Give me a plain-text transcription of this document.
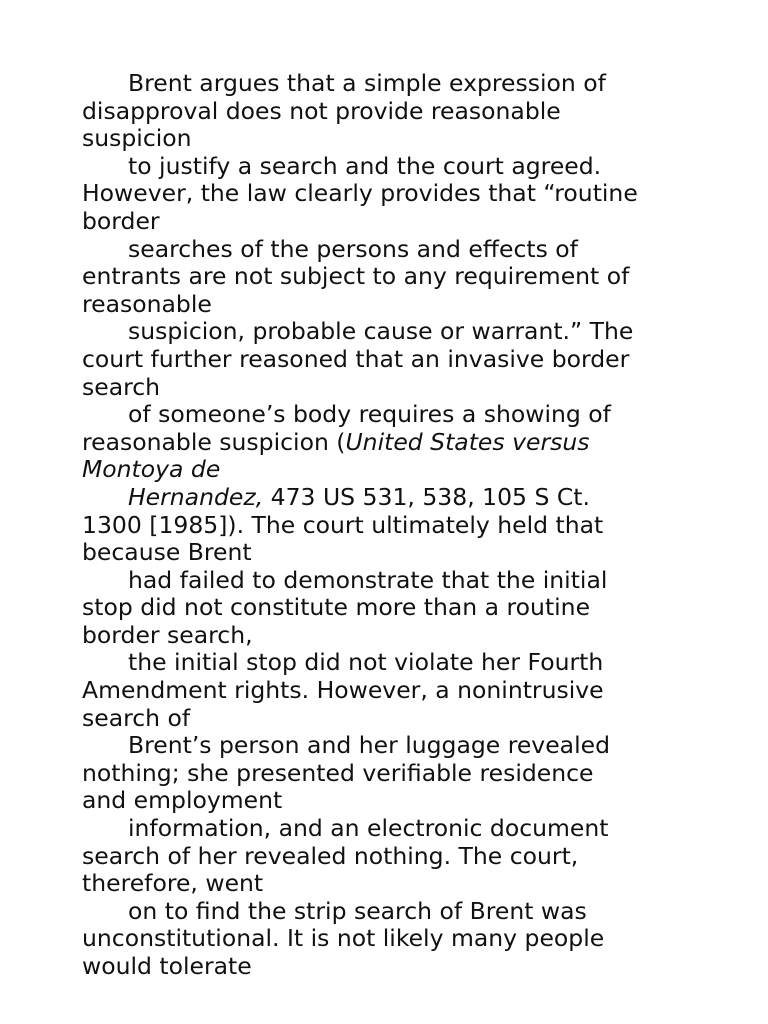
Brent argues that a simple expression of
disapproval does not provide reasonable
suspicion

to justify a search and the court agreed.
However, the law clearly provides that “routine
border

searches of the persons and effects of
entrants are not subject to any requirement of
reasonable

suspicion, probable cause or warrant.” The
court further reasoned that an invasive border
search

of someone’s body requires a showing of
reasonable suspicion (United States versus
Montoya de

Hernandez, 473 US 531, 538, 105 S Ct.
1300 [1985]). The court ultimately held that
because Brent

had failed to demonstrate that the initial
stop did not constitute more than a routine
border search,

the initial stop did not violate her Fourth
Amendment rights. However, a nonintrusive
search of

Brent’s person and her luggage revealed
nothing; she presented verifiable residence
and employment

information, and an electronic document
search of her revealed nothing. The court,
therefore, went

on to find the strip search of Brent was
unconstitutional. It is not likely many people
would tolerate
